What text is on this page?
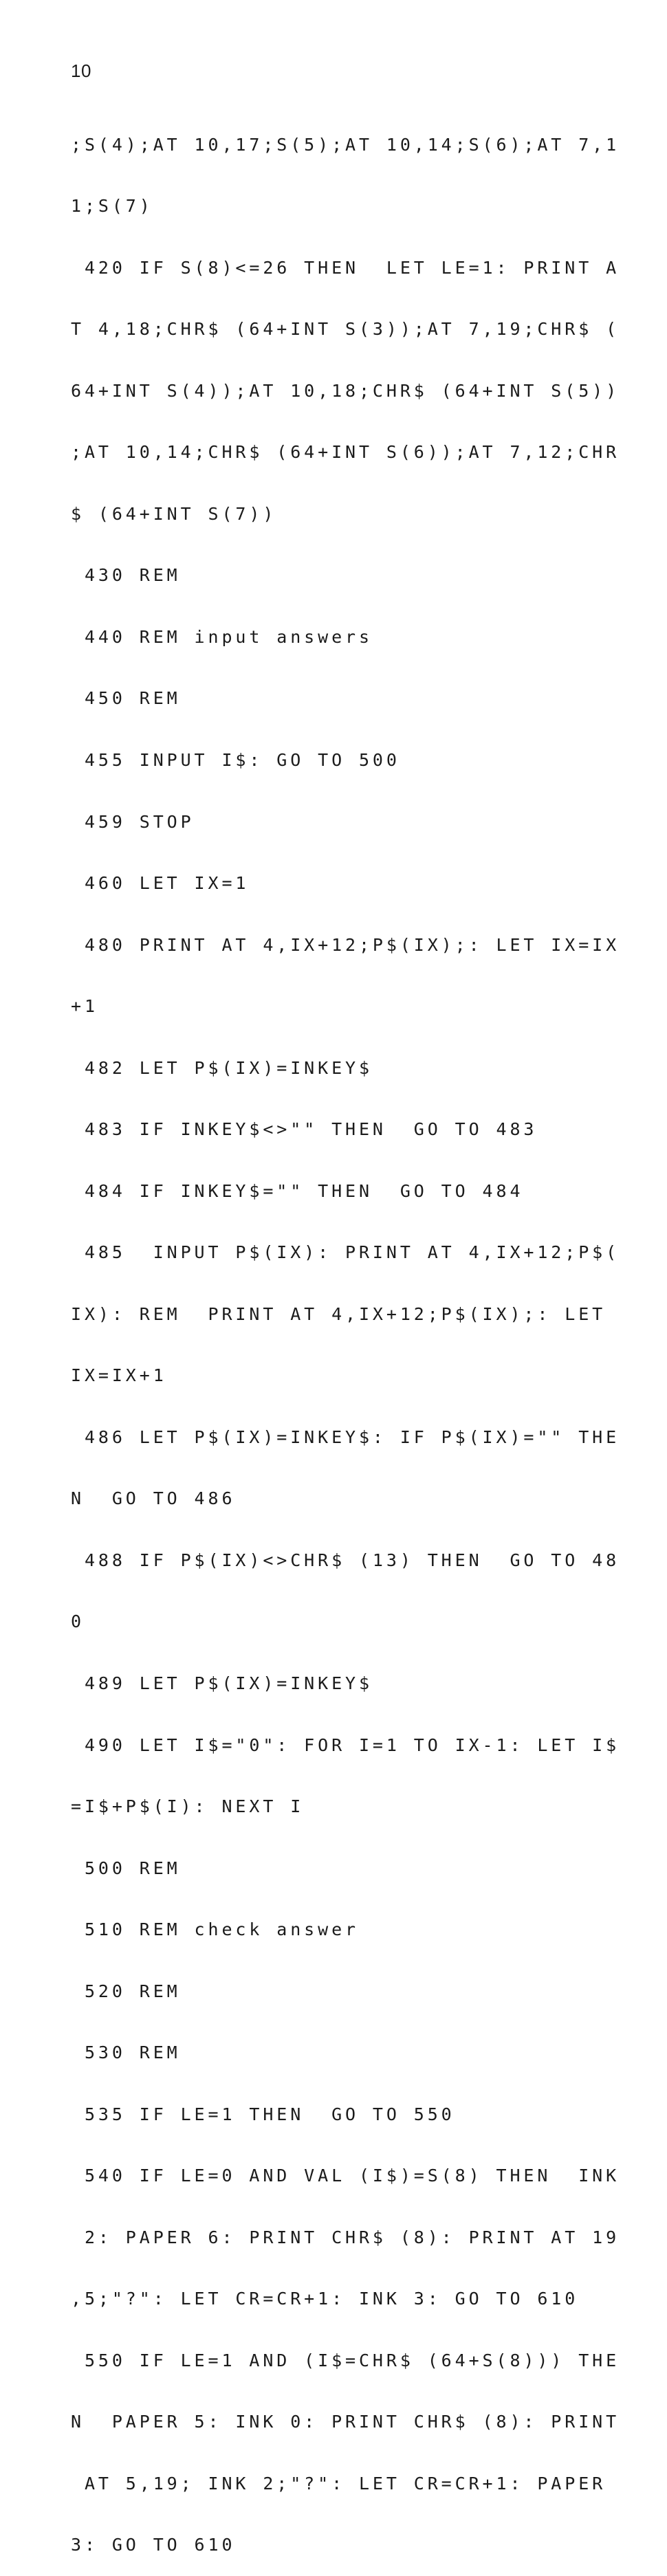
10

;S(4);AT 10,17;S(5);AT 10,14;S(6);AT 7,1

1;S(7)

420 IF S(8)<=26 THEN  LET LE=1: PRINT A

T 4,18;CHR$ (64+INT S(3));AT 7,19;CHR$ (

64+INT S(4));AT 10,18;CHR$ (64+INT S(5))

;AT 10,14;CHR$ (64+INT S(6));AT 7,12;CHR

$ (64+INT S(7))

430 REM

440 REM input answers

450 REM

455 INPUT I$: GO TO 500

459 STOP

460 LET IX=1

480 PRINT AT 4,IX+12;P$(IX);: LET IX=IX

+1

482 LET P$(IX)=INKEY$

483 IF INKEY$<>"" THEN  GO TO 483

484 IF INKEY$="" THEN  GO TO 484

485  INPUT P$(IX): PRINT AT 4,IX+12;P$(

IX): REM  PRINT AT 4,IX+12;P$(IX);: LET

IX=IX+1

486 LET P$(IX)=INKEY$: IF P$(IX)="" THE

N  GO TO 486

488 IF P$(IX)<>CHR$ (13) THEN  GO TO 48

0

489 LET P$(IX)=INKEY$

490 LET I$="0": FOR I=1 TO IX-1: LET I$

=I$+P$(I): NEXT I

500 REM

510 REM check answer

520 REM

530 REM

535 IF LE=1 THEN  GO TO 550

540 IF LE=0 AND VAL (I$)=S(8) THEN  INK

2: PAPER 6: PRINT CHR$ (8): PRINT AT 19

,5;"?": LET CR=CR+1: INK 3: GO TO 610

550 IF LE=1 AND (I$=CHR$ (64+S(8))) THE

N  PAPER 5: INK 0: PRINT CHR$ (8): PRINT

AT 5,19; INK 2;"?": LET CR=CR+1: PAPER

3: GO TO 610
